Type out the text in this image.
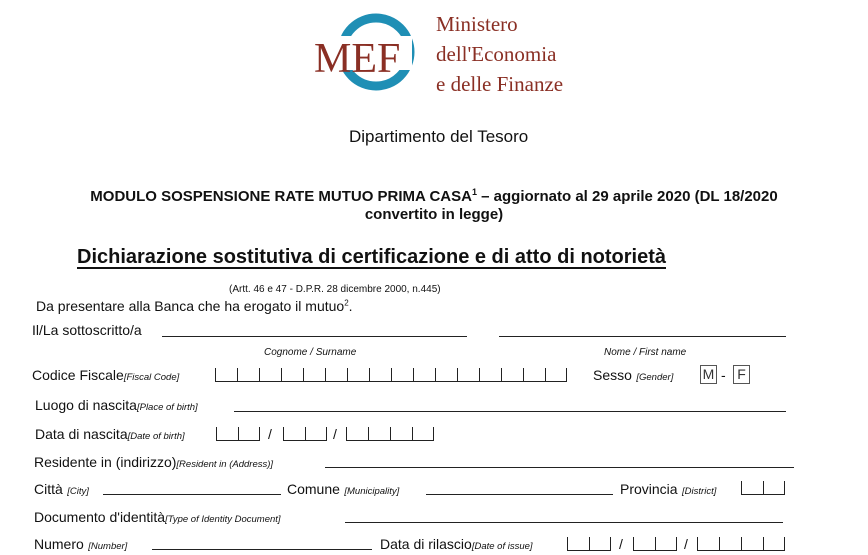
MEF
Ministero
dell'Economia
e delle Finanze
Dipartimento del Tesoro
MODULO SOSPENSIONE RATE MUTUO PRIMA CASA$^1$ – aggiornato al 29 aprile 2020 (DL 18/2020
convertito in legge)
Dichiarazione sostitutiva di certificazione e di atto di notorietà
(Artt. 46 e 47 - D.P.R. 28 dicembre 2000, n.445)
Da presentare alla Banca che ha erogato il mutuo$^2$.
Il/La sottoscritto/a
Cognome / Surname	Nome / First name
Codice Fiscale[Fiscal Code]	Sesso [Gender] M - F
Luogo di nascita[Place of birth]
Data di nascita[Date of birth]	/	/
Residente in (indirizzo)[Resident in (Address)]
Città [City]	Comune [Municipality]	Provincia [District]
Documento d'identità[Type of Identity Document]
Numero [Number]	Data di rilascio[Date of issue]	/	/
